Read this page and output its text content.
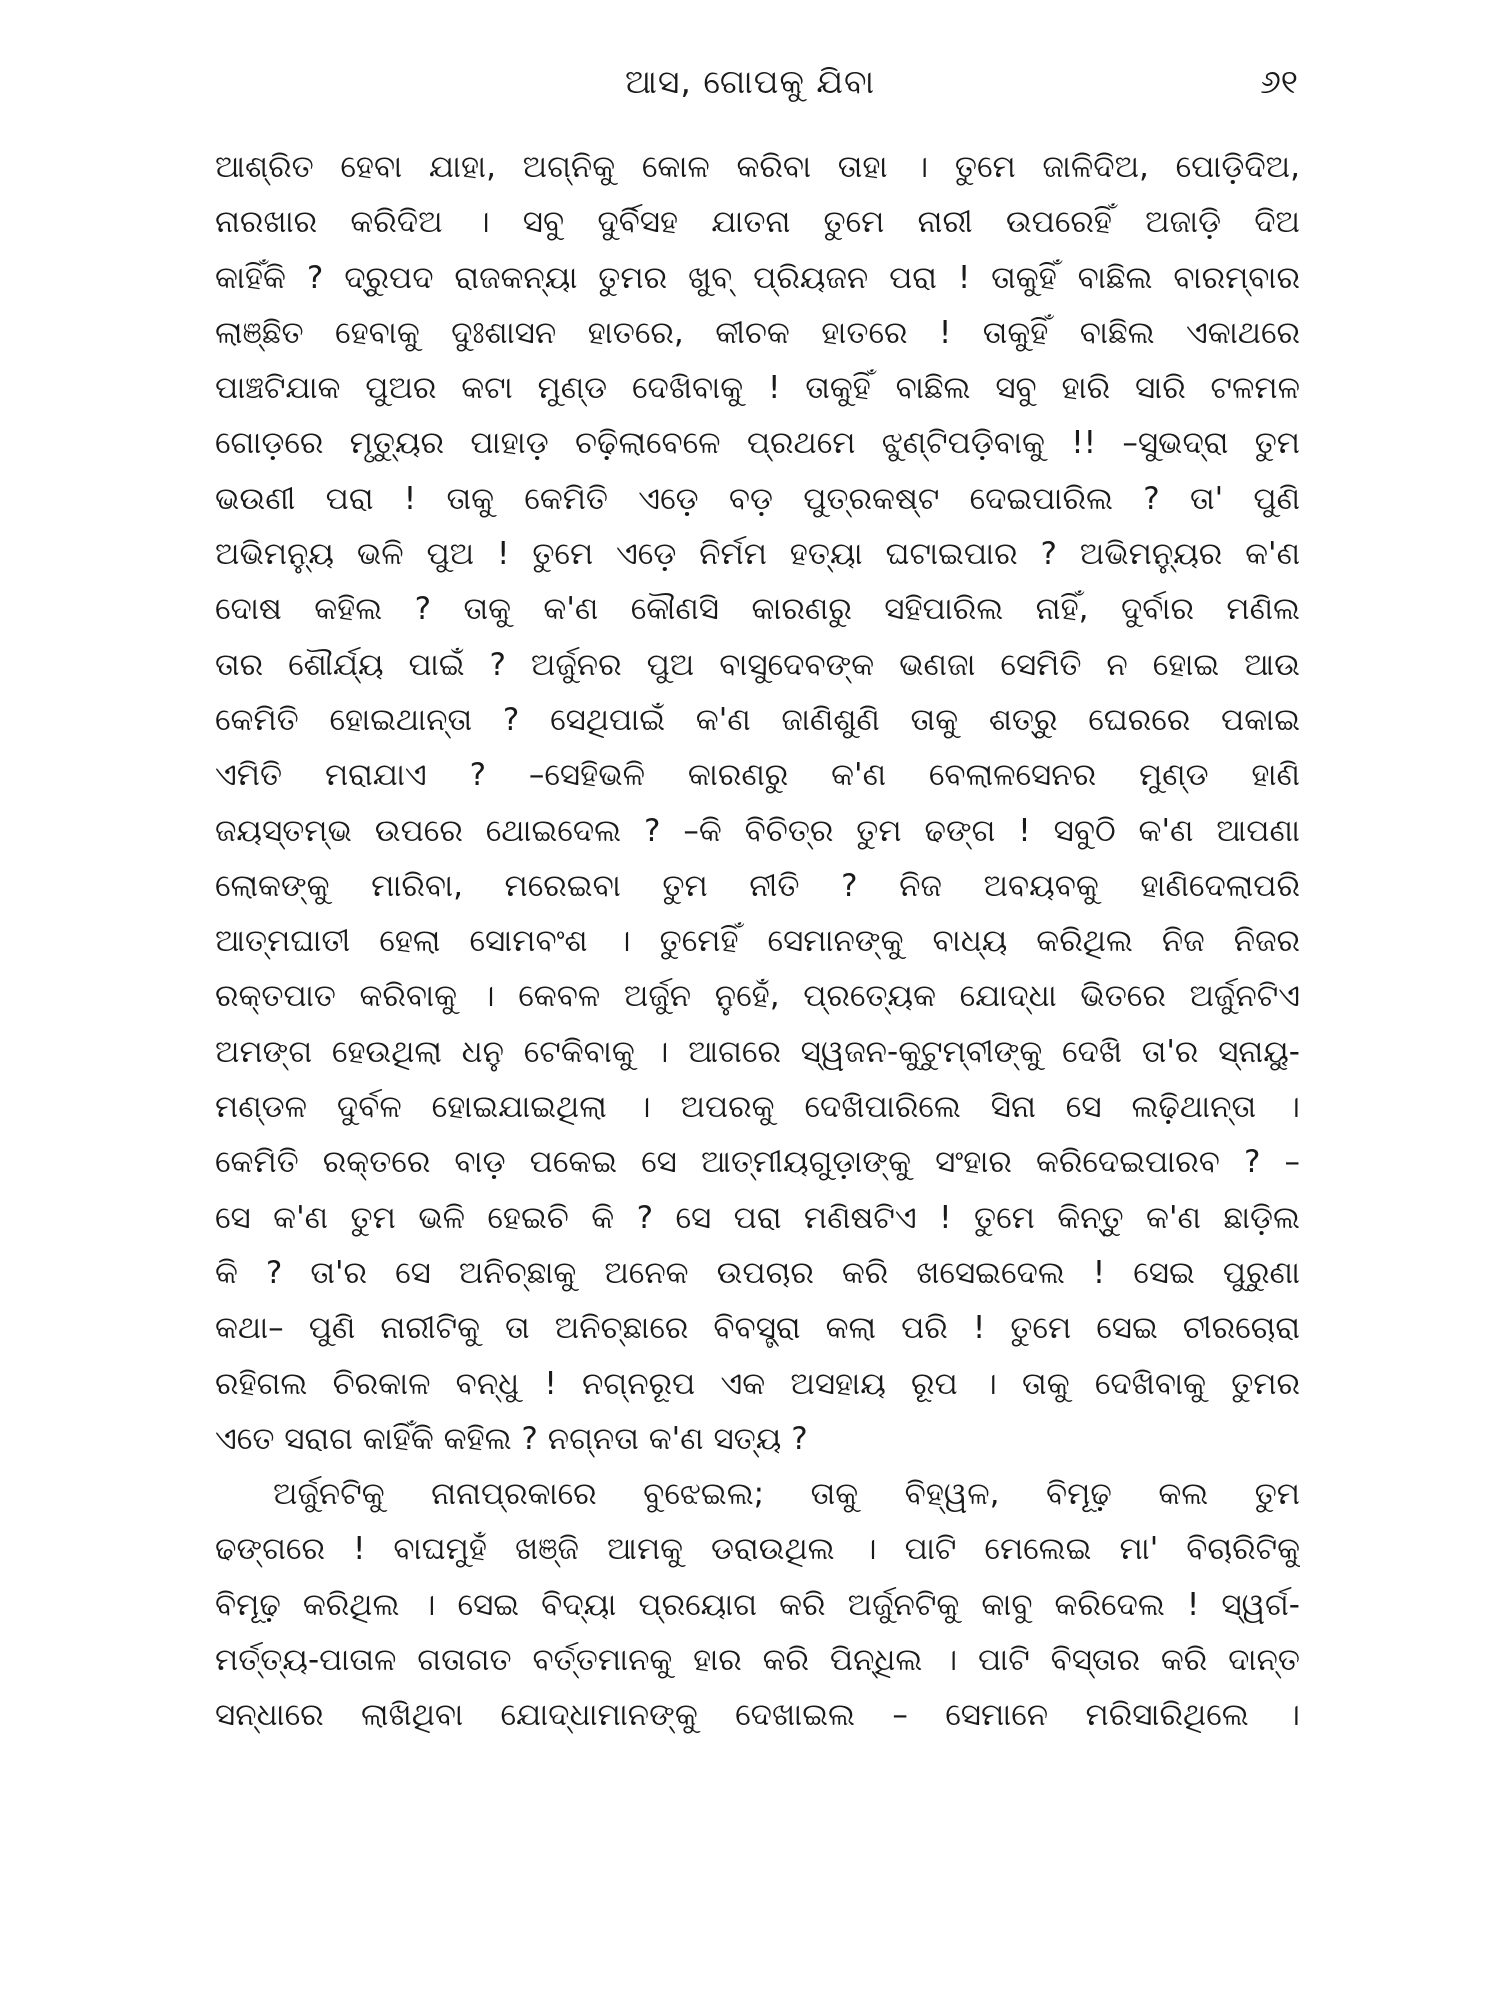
ଆସ, ଗୋପକୁ ଯିବା	୬୧
ଆଶ୍ରିତ ହେବା ଯାହା, ଅଗ୍ନିକୁ କୋଳ କରିବା ତାହା । ତୁମେ ଜାଳିଦିଅ, ପୋଡ଼ିଦିଅ,
ନାରଖାର କରିଦିଅ । ସବୁ ଦୁର୍ବିସହ ଯାତନା ତୁମେ ନାରୀ ଉପରେହିଁ ଅଜାଡ଼ି ଦିଅ
କାହିଁକି ? ଦ୍ରୁପଦ ରାଜକନ୍ୟା ତୁମର ଖୁବ୍ ପ୍ରିୟଜନ ପରା ! ତାକୁହିଁ ବାଛିଲ ବାରମ୍ବାର
ଲାଞ୍ଛିତ ହେବାକୁ ଦୁଃଶାସନ ହାତରେ, କୀଚକ ହାତରେ ! ତାକୁହିଁ ବାଛିଲ ଏକାଥରେ
ପାଞ୍ଚଟିଯାକ ପୁଅର କଟା ମୁଣ୍ଡ ଦେଖିବାକୁ ! ତାକୁହିଁ ବାଛିଲ ସବୁ ହାରି ସାରି ଟଳମଳ
ଗୋଡ଼ରେ ମୃତ୍ୟୁର ପାହାଡ଼ ଚଢ଼ିଲାବେଳେ ପ୍ରଥମେ ଝୁଣ୍ଟିପଡ଼ିବାକୁ !! –ସୁଭଦ୍ରା ତୁମ
ଭଉଣୀ ପରା ! ତାକୁ କେମିତି ଏଡ଼େ ବଡ଼ ପୁତ୍ରକଷ୍ଟ ଦେଇପାରିଲ ? ତା' ପୁଣି
ଅଭିମନ୍ୟୁ ଭଳି ପୁଅ ! ତୁମେ ଏଡ଼େ ନିର୍ମମ ହତ୍ୟା ଘଟାଇପାର ? ଅଭିମନ୍ୟୁର କ'ଣ
ଦୋଷ କହିଲ ? ତାକୁ କ'ଣ କୌଣସି କାରଣରୁ ସହିପାରିଲ ନାହିଁ, ଦୁର୍ବାର ମଣିଲ
ତାର ଶୌର୍ଯ୍ୟ ପାଇଁ ? ଅର୍ଜୁନର ପୁଅ ବାସୁଦେବଙ୍କ ଭଣଜା ସେମିତି ନ ହୋଇ ଆଉ
କେମିତି ହୋଇଥାନ୍ତା ? ସେଥିପାଇଁ କ'ଣ ଜାଣିଶୁଣି ତାକୁ ଶତ୍ରୁ ଘେରରେ ପକାଇ
ଏମିତି ମରାଯାଏ ? –ସେହିଭଳି କାରଣରୁ କ'ଣ ବେଲାଳସେନର ମୁଣ୍ଡ ହାଣି
ଜୟସ୍ତମ୍ଭ ଉପରେ ଥୋଇଦେଲ ? –କି ବିଚିତ୍ର ତୁମ ଢଙ୍ଗ ! ସବୁଠି କ'ଣ ଆପଣା
ଲୋକଙ୍କୁ ମାରିବା, ମରେଇବା ତୁମ ନୀତି ? ନିଜ ଅବୟବକୁ ହାଣିଦେଲାପରି
ଆତ୍ମଘାତୀ ହେଲା ସୋମବଂଶ । ତୁମେହିଁ ସେମାନଙ୍କୁ ବାଧ୍ୟ କରିଥିଲ ନିଜ ନିଜର
ରକ୍ତପାତ କରିବାକୁ । କେବଳ ଅର୍ଜୁନ ନୁହେଁ, ପ୍ରତ୍ୟେକ ଯୋଦ୍ଧା ଭିତରେ ଅର୍ଜୁନଟିଏ
ଅମଙ୍ଗ ହେଉଥିଲା ଧନୁ ଟେକିବାକୁ । ଆଗରେ ସ୍ୱଜନ-କୁଟୁମ୍ବୀଙ୍କୁ ଦେଖି ତା'ର ସ୍ନାୟୁ-
ମଣ୍ଡଳ ଦୁର୍ବଳ ହୋଇଯାଇଥିଲା । ଅପରକୁ ଦେଖିପାରିଲେ ସିନା ସେ ଲଢ଼ିଥାନ୍ତା ।
କେମିତି ରକ୍ତରେ ବାଡ଼ ପକେଇ ସେ ଆତ୍ମୀୟଗୁଡ଼ାଙ୍କୁ ସଂହାର କରିଦେଇପାରବ ? –
ସେ କ'ଣ ତୁମ ଭଳି ହେଇଚି କି ? ସେ ପରା ମଣିଷଟିଏ ! ତୁମେ କିନ୍ତୁ କ'ଣ ଛାଡ଼ିଲ
କି ? ତା'ର ସେ ଅନିଚ୍ଛାକୁ ଅନେକ ଉପଚାର କରି ଖସେଇଦେଲ ! ସେଇ ପୁରୁଣା
କଥା– ପୁଣି ନାରୀଟିକୁ ତା ଅନିଚ୍ଛାରେ ବିବସ୍ତ୍ରା କଲା ପରି ! ତୁମେ ସେଇ ଚୀରଚୋରା
ରହିଗଲ ଚିରକାଳ ବନ୍ଧୁ ! ନଗ୍ନରୂପ ଏକ ଅସହାୟ ରୂପ । ତାକୁ ଦେଖିବାକୁ ତୁମର
ଏତେ ସରାଗ କାହିଁକି କହିଲ ? ନଗ୍ନତା କ'ଣ ସତ୍ୟ ?
ଅର୍ଜୁନଟିକୁ ନାନାପ୍ରକାରେ ବୁଝେଇଲ; ତାକୁ ବିହ୍ୱଳ, ବିମୂଢ଼ କଲ ତୁମ
ଢଙ୍ଗରେ ! ବାଘମୁହଁ ଖଞ୍ଜି ଆମକୁ ଡରାଉଥିଲ । ପାଟି ମେଲେଇ ମା' ବିଚାରିଟିକୁ
ବିମୂଢ଼ କରିଥିଲ । ସେଇ ବିଦ୍ୟା ପ୍ରୟୋଗ କରି ଅର୍ଜୁନଟିକୁ କାବୁ କରିଦେଲ ! ସ୍ୱର୍ଗ-
ମର୍ତ୍ତ୍ୟ-ପାତାଳ ଗତାଗତ ବର୍ତ୍ତମାନକୁ ହାର କରି ପିନ୍ଧିଲ । ପାଟି ବିସ୍ତାର କରି ଦାନ୍ତ
ସନ୍ଧାରେ ଲାଖିଥିବା ଯୋଦ୍ଧାମାନଙ୍କୁ ଦେଖାଇଲ – ସେମାନେ ମରିସାରିଥିଲେ ।
